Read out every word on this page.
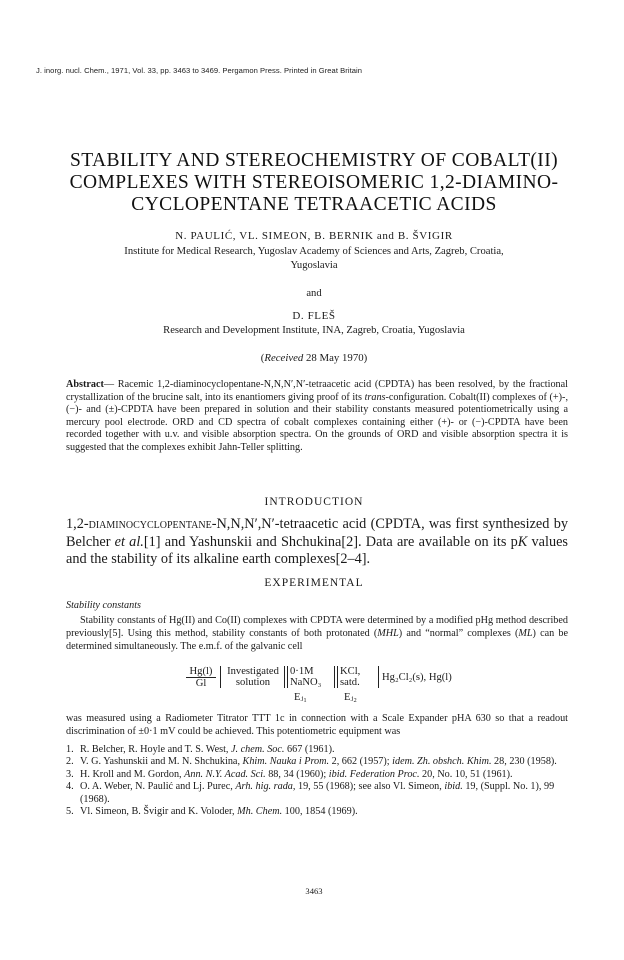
J. inorg. nucl. Chem., 1971, Vol. 33, pp. 3463 to 3469. Pergamon Press. Printed in Great Britain
STABILITY AND STEREOCHEMISTRY OF COBALT(II)
COMPLEXES WITH STEREOISOMERIC 1,2-DIAMINO-
CYCLOPENTANE TETRAACETIC ACIDS
N. PAULIĆ, VL. SIMEON, B. BERNIK and B. ŠVIGIR
Institute for Medical Research, Yugoslav Academy of Sciences and Arts, Zagreb, Croatia,
Yugoslavia
and
D. FLEŠ
Research and Development Institute, INA, Zagreb, Croatia, Yugoslavia
(Received 28 May 1970)
Abstract— Racemic 1,2-diaminocyclopentane-N,N,N′,N′-tetraacetic acid (CPDTA) has been resolved, by the fractional crystallization of the brucine salt, into its enantiomers giving proof of its trans-configuration. Cobalt(II) complexes of (+)-, (−)- and (±)-CPDTA have been prepared in solution and their stability constants measured potentiometrically using a mercury pool electrode. ORD and CD spectra of cobalt complexes containing either (+)- or (−)-CPDTA have been recorded together with u.v. and visible absorption spectra. On the grounds of ORD and visible absorption spectra it is suggested that the complexes exhibit Jahn-Teller splitting.
INTRODUCTION
1,2-diaminocyclopentane-N,N,N′,N′-tetraacetic acid (CPDTA, was first synthesized by Belcher et al.[1] and Yashunskii and Shchukina[2]. Data are available on its pK values and the stability of its alkaline earth complexes[2–4].
EXPERIMENTAL
Stability constants
Stability constants of Hg(II) and Co(II) complexes with CPDTA were determined by a modified pHg method described previously[5]. Using this method, stability constants of both protonated (MHL) and “normal” complexes (ML) can be determined simultaneously. The e.m.f. of the galvanic cell
Hg(l)
Gl
Investigated
solution
0·1M
NaNO₃
KCl,
satd.	Hg₂Cl₂(s), Hg(l)
Eⱼ₁	Eⱼ₂
was measured using a Radiometer Titrator TTT 1c in connection with a Scale Expander pHA 630 so that a readout discrimination of ±0·1 mV could be achieved. This potentiometric equipment was
1. R. Belcher, R. Hoyle and T. S. West, J. chem. Soc. 667 (1961).
2. V. G. Yashunskii and M. N. Shchukina, Khim. Nauka i Prom. 2, 662 (1957); idem. Zh. obshch. Khim. 28, 230 (1958).
3. H. Kroll and M. Gordon, Ann. N.Y. Acad. Sci. 88, 34 (1960); ibid. Federation Proc. 20, No. 10, 51 (1961).
4. O. A. Weber, N. Paulić and Lj. Purec, Arh. hig. rada, 19, 55 (1968); see also Vl. Simeon, ibid. 19, (Suppl. No. 1), 99 (1968).
5. Vl. Simeon, B. Švigir and K. Voloder, Mh. Chem. 100, 1854 (1969).
3463
